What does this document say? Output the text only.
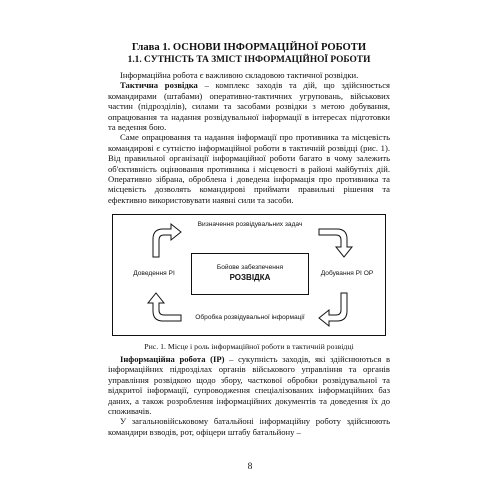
Глава 1. ОСНОВИ ІНФОРМАЦІЙНОЇ РОБОТИ
1.1. СУТНІСТЬ ТА ЗМІСТ ІНФОРМАЦІЙНОЇ РОБОТИ

Інформаційна робота є важливою складовою тактичної розвідки.

Тактична розвідка – комплекс заходів та дій, що здійснюється командирами (штабами) оперативно-тактичних угруповань, військових частин (підрозділів), силами та засобами розвідки з метою добування, опрацювання та надання розвідувальної інформації в інтересах підготовки та ведення бою.

Саме опрацювання та надання інформації про противника та місцевість командирові є сутністю інформаційної роботи в тактичній розвідці (рис. 1). Від правильної організації інформаційної роботи багато в чому залежить об'єктивність оцінювання противника і місцевості в районі майбутніх дій. Оперативно зібрана, оброблена і доведена інформація про противника та місцевість дозволять командирові приймати правильні рішення та ефективно використовувати наявні сили та засоби.

Визначення розвідувальних задач
Доведення РІ	Добування РІ ОР
Обробка розвідувальної інформації
Бойове забезпечення
РОЗВІДКА
Рис. 1. Місце і роль інформаційної роботи в тактичній розвідці

Інформаційна робота (ІР) – сукупність заходів, які здійснюються в інформаційних підрозділах органів військового управління та органів управління розвідкою щодо збору, часткової обробки розвідувальної та відкритої інформації, супроводження спеціалізованих інформаційних баз даних, а також розроблення інформаційних документів та доведення їх до споживачів.

У загальновійськовому батальйоні інформаційну роботу здійснюють командири взводів, рот, офіцери штабу батальйону –

8
